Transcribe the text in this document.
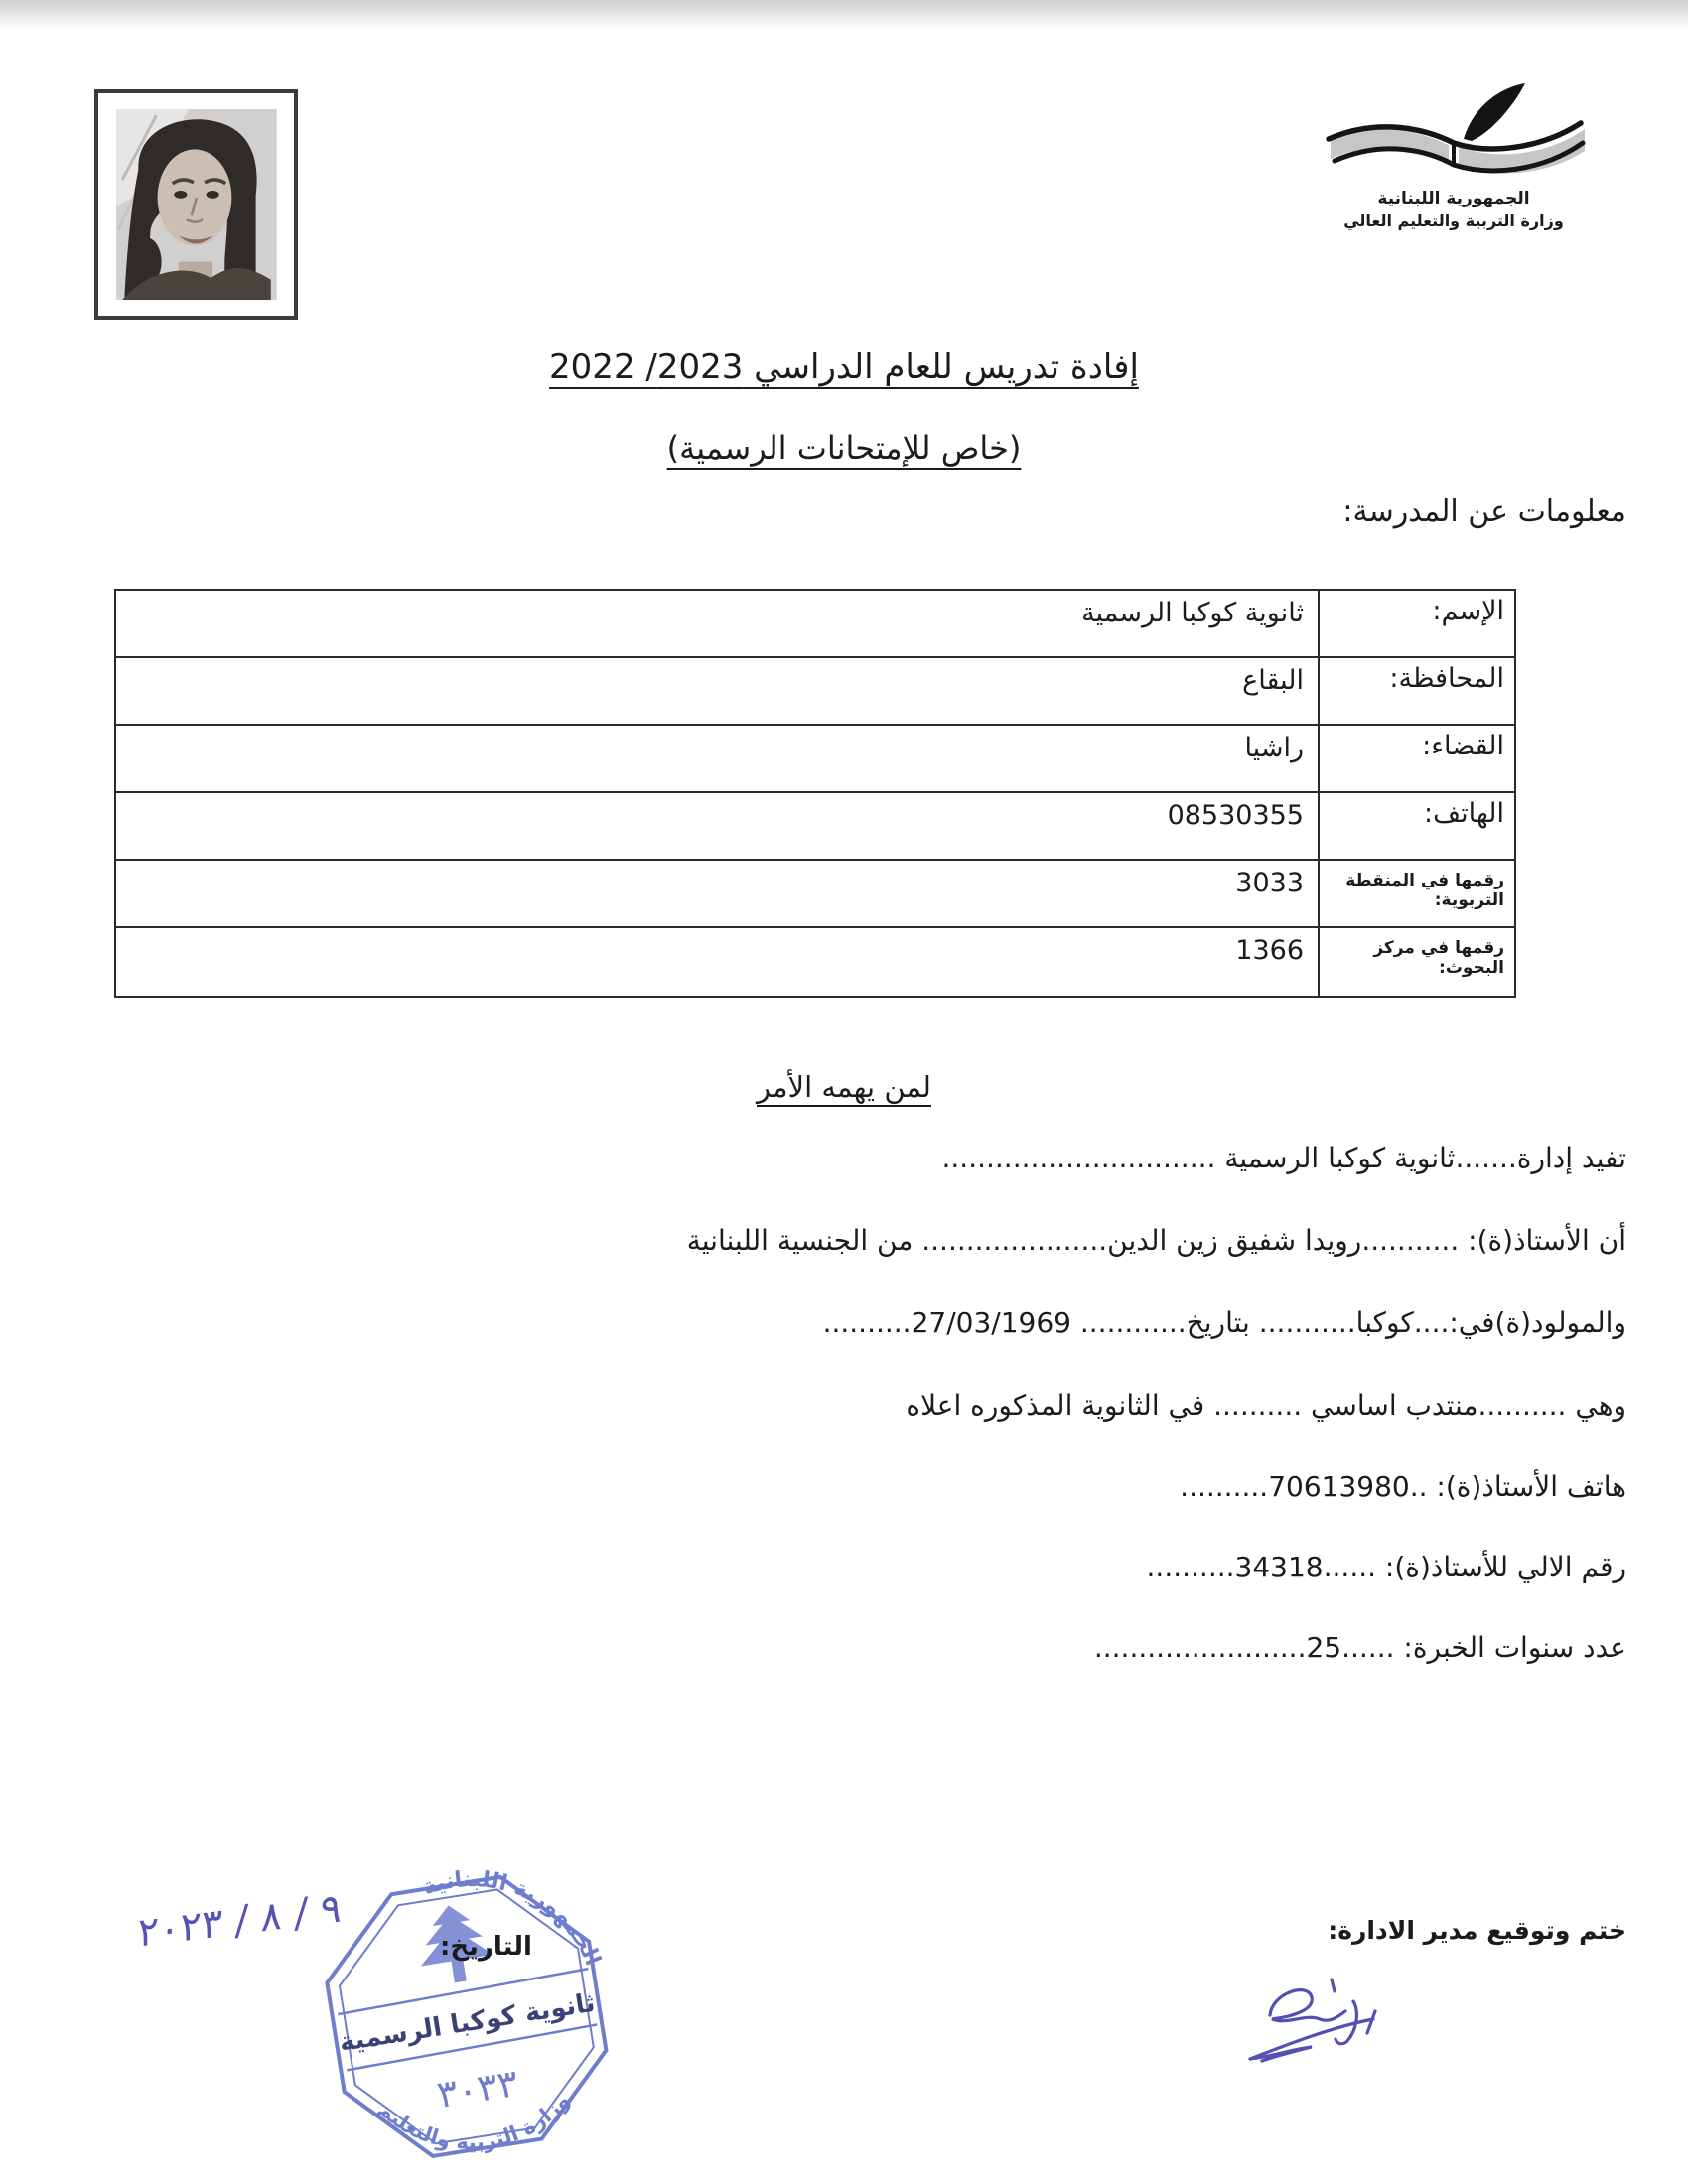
الجمهورية اللبنانية
وزارة التربية والتعليم العالي
إفادة تدريس للعام الدراسي 2023/ 2022
(خاص للإمتحانات الرسمية)
معلومات عن المدرسة:
الإسم:
ثانوية كوكبا الرسمية
المحافظة:
البقاع
القضاء:
راشيا
الهاتف:
08530355
رقمها في المنقطة التربوية:
3033
رقمها في مركز البحوث:
1366
لمن يهمه الأمر
تفيد إدارة.......ثانوية كوكبا الرسمية ...............................
أن الأستاذ(ة): ...........رويدا شفيق زين الدين..................... من الجنسية اللبنانية
والمولود(ة)في:....كوكبا........... بتاريخ............ 27/03/1969..........
وهي ..........منتدب اساسي .......... في الثانوية المذكوره اعلاه
هاتف الأستاذ(ة): ..70613980..........
رقم الالي للأستاذ(ة): ......34318..........
عدد سنوات الخبرة: ......25........................
ختم وتوقيع مدير الادارة:
الجمهورية اللبنانية
ثانوية كوكبا الرسمية
٣٠٣٣
وزارة التربية والتعليم
التاريخ:
٩ / ٨ / ٢٠٢٣
